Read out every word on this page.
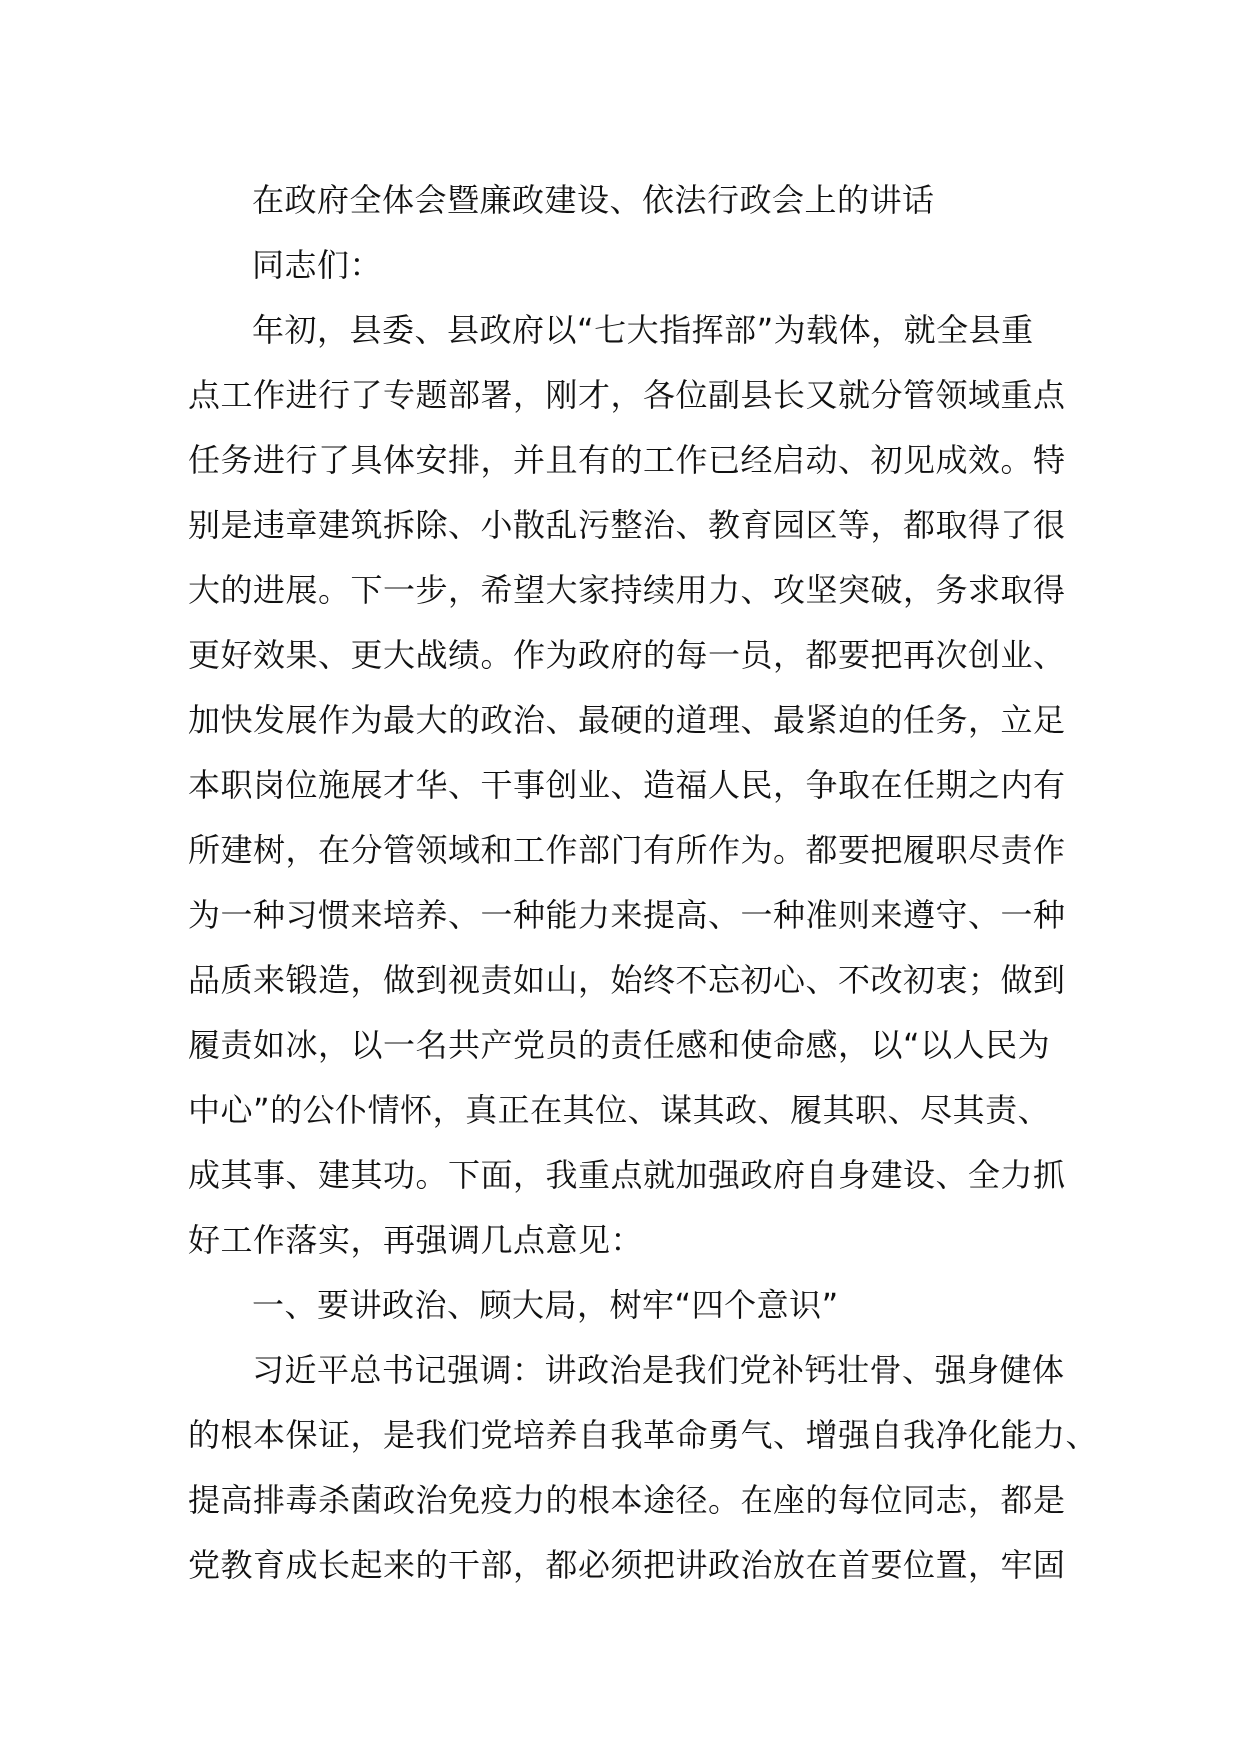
在政府全体会暨廉政建设、依法行政会上的讲话
同志们：
年初，县委、县政府以“七大指挥部”为载体，就全县重
点工作进行了专题部署，刚才，各位副县长又就分管领域重点
任务进行了具体安排，并且有的工作已经启动、初见成效。特
别是违章建筑拆除、小散乱污整治、教育园区等，都取得了很
大的进展。下一步，希望大家持续用力、攻坚突破，务求取得
更好效果、更大战绩。作为政府的每一员，都要把再次创业、
加快发展作为最大的政治、最硬的道理、最紧迫的任务，立足
本职岗位施展才华、干事创业、造福人民，争取在任期之内有
所建树，在分管领域和工作部门有所作为。都要把履职尽责作
为一种习惯来培养、一种能力来提高、一种准则来遵守、一种
品质来锻造，做到视责如山，始终不忘初心、不改初衷；做到
履责如冰，以一名共产党员的责任感和使命感，以“以人民为
中心”的公仆情怀，真正在其位、谋其政、履其职、尽其责、
成其事、建其功。下面，我重点就加强政府自身建设、全力抓
好工作落实，再强调几点意见：
一、要讲政治、顾大局，树牢“四个意识”
习近平总书记强调：讲政治是我们党补钙壮骨、强身健体
的根本保证，是我们党培养自我革命勇气、增强自我净化能力、
提高排毒杀菌政治免疫力的根本途径。在座的每位同志，都是
党教育成长起来的干部，都必须把讲政治放在首要位置，牢固
